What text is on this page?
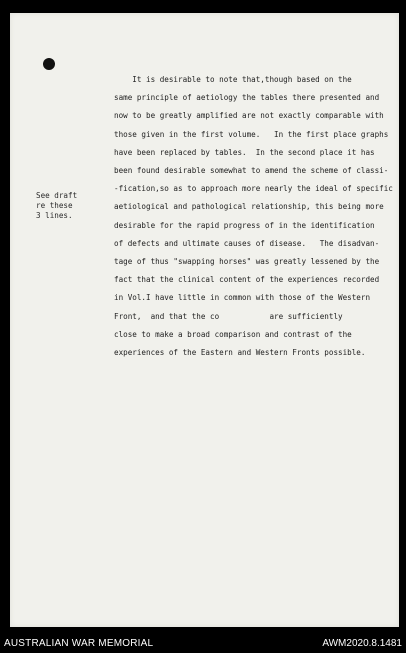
See draft
re these
3 lines.
It is desirable to note that,though based on the
same principle of aetiology the tables there presented and
now to be greatly amplified are not exactly comparable with
those given in the first volume.   In the first place graphs
have been replaced by tables.  In the second place it has
been found desirable somewhat to amend the scheme of classi-
-fication,so as to approach more nearly the ideal of specific
aetiological and pathological relationship, this being more
desirable for the rapid progress of in the identification
of defects and ultimate causes of disease.   The disadvan-
tage of thus "swapping horses" was greatly lessened by the
fact that the clinical content of the experiences recorded
in Vol.I have little in common with those of the Western
Front,  and that the co           are sufficiently
close to make a broad comparison and contrast of the
experiences of the Eastern and Western Fronts possible.
AUSTRALIAN WAR MEMORIAL	AWM2020.8.1481
